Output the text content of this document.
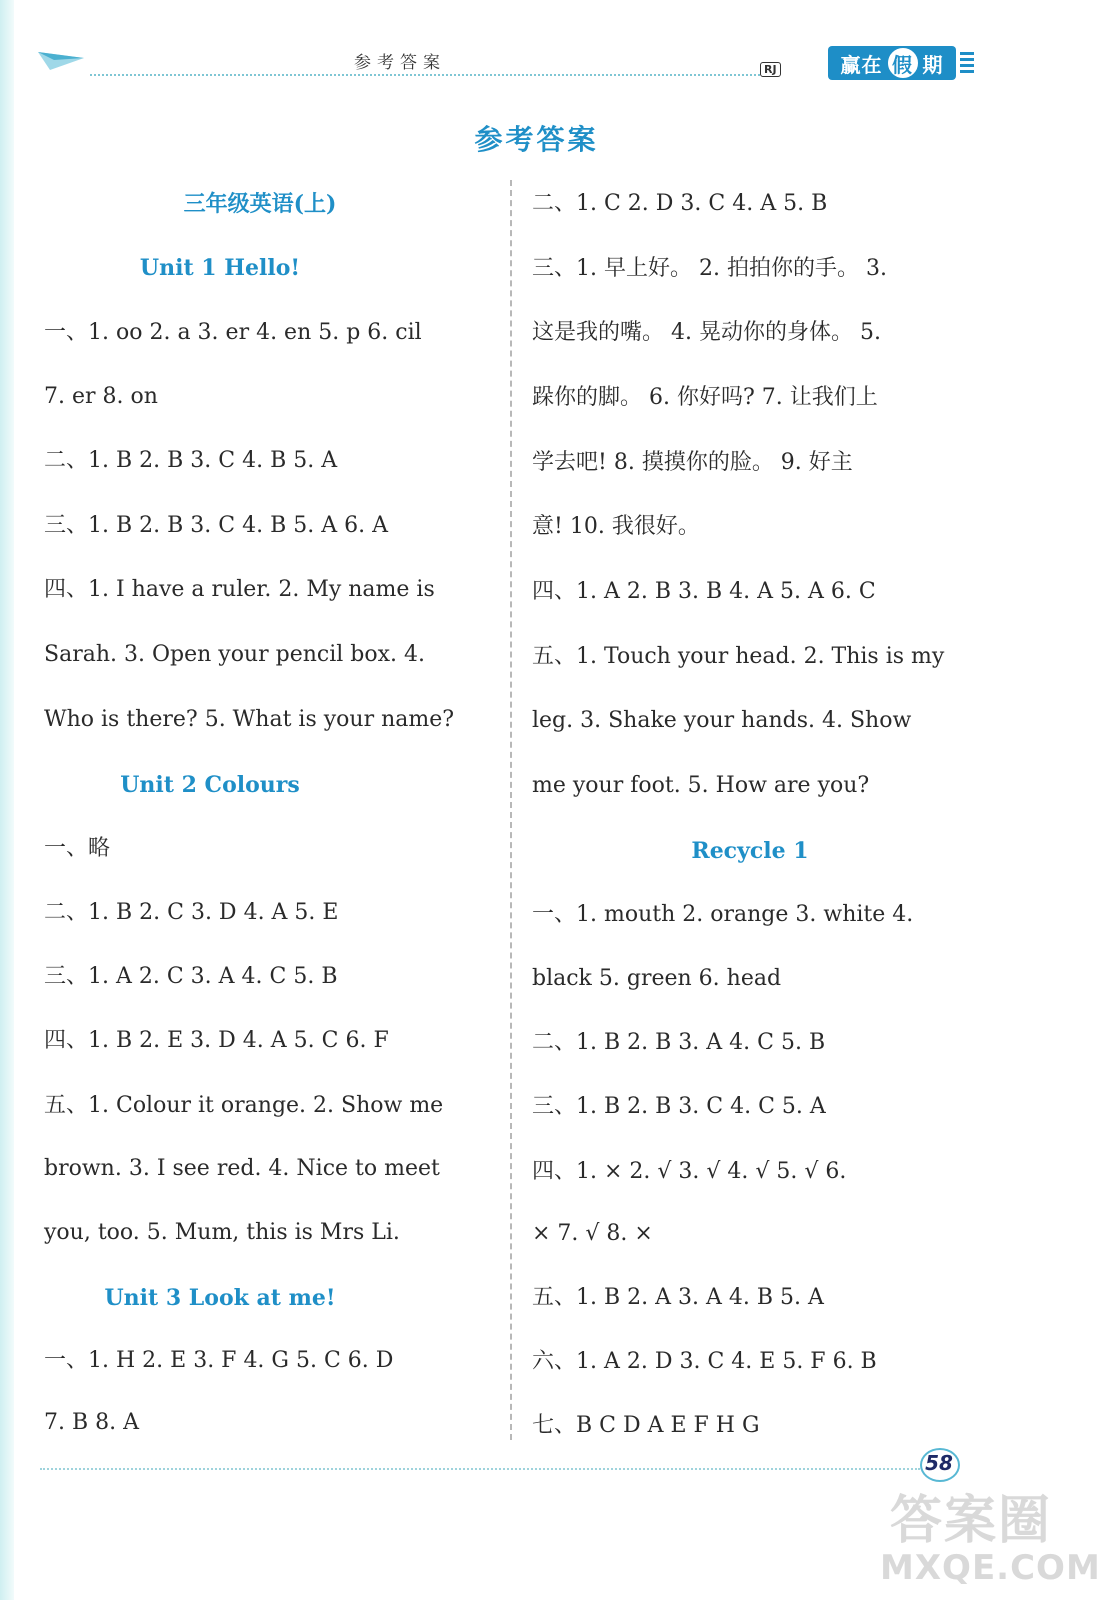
参考答案	RJ	赢在 假 期
参考答案
三年级英语(上)
Unit 1 Hello!
一、1. oo 2. a 3. er 4. en 5. p 6. cil
7. er 8. on
二、1. B 2. B 3. C 4. B 5. A
三、1. B 2. B 3. C 4. B 5. A 6. A
四、1. I have a ruler. 2. My name is
Sarah. 3. Open your pencil box. 4.
Who is there? 5. What is your name?
Unit 2 Colours
一、略
二、1. B 2. C 3. D 4. A 5. E
三、1. A 2. C 3. A 4. C 5. B
四、1. B 2. E 3. D 4. A 5. C 6. F
五、1. Colour it orange. 2. Show me
brown. 3. I see red. 4. Nice to meet
you, too. 5. Mum, this is Mrs Li.
Unit 3 Look at me!
一、1. H 2. E 3. F 4. G 5. C 6. D
7. B 8. A
二、1. C 2. D 3. C 4. A 5. B
三、1. 早上好。 2. 拍拍你的手。 3.
这是我的嘴。 4. 晃动你的身体。 5.
跺你的脚。 6. 你好吗? 7. 让我们上
学去吧! 8. 摸摸你的脸。 9. 好主
意! 10. 我很好。
四、1. A 2. B 3. B 4. A 5. A 6. C
五、1. Touch your head. 2. This is my
leg. 3. Shake your hands. 4. Show
me your foot. 5. How are you?
Recycle 1
一、1. mouth 2. orange 3. white 4.
black 5. green 6. head
二、1. B 2. B 3. A 4. C 5. B
三、1. B 2. B 3. C 4. C 5. A
四、1. × 2. √ 3. √ 4. √ 5. √ 6.
× 7. √ 8. ×
五、1. B 2. A 3. A 4. B 5. A
六、1. A 2. D 3. C 4. E 5. F 6. B
七、B C D A E F H G
58
答案圈
MXQE.COM
